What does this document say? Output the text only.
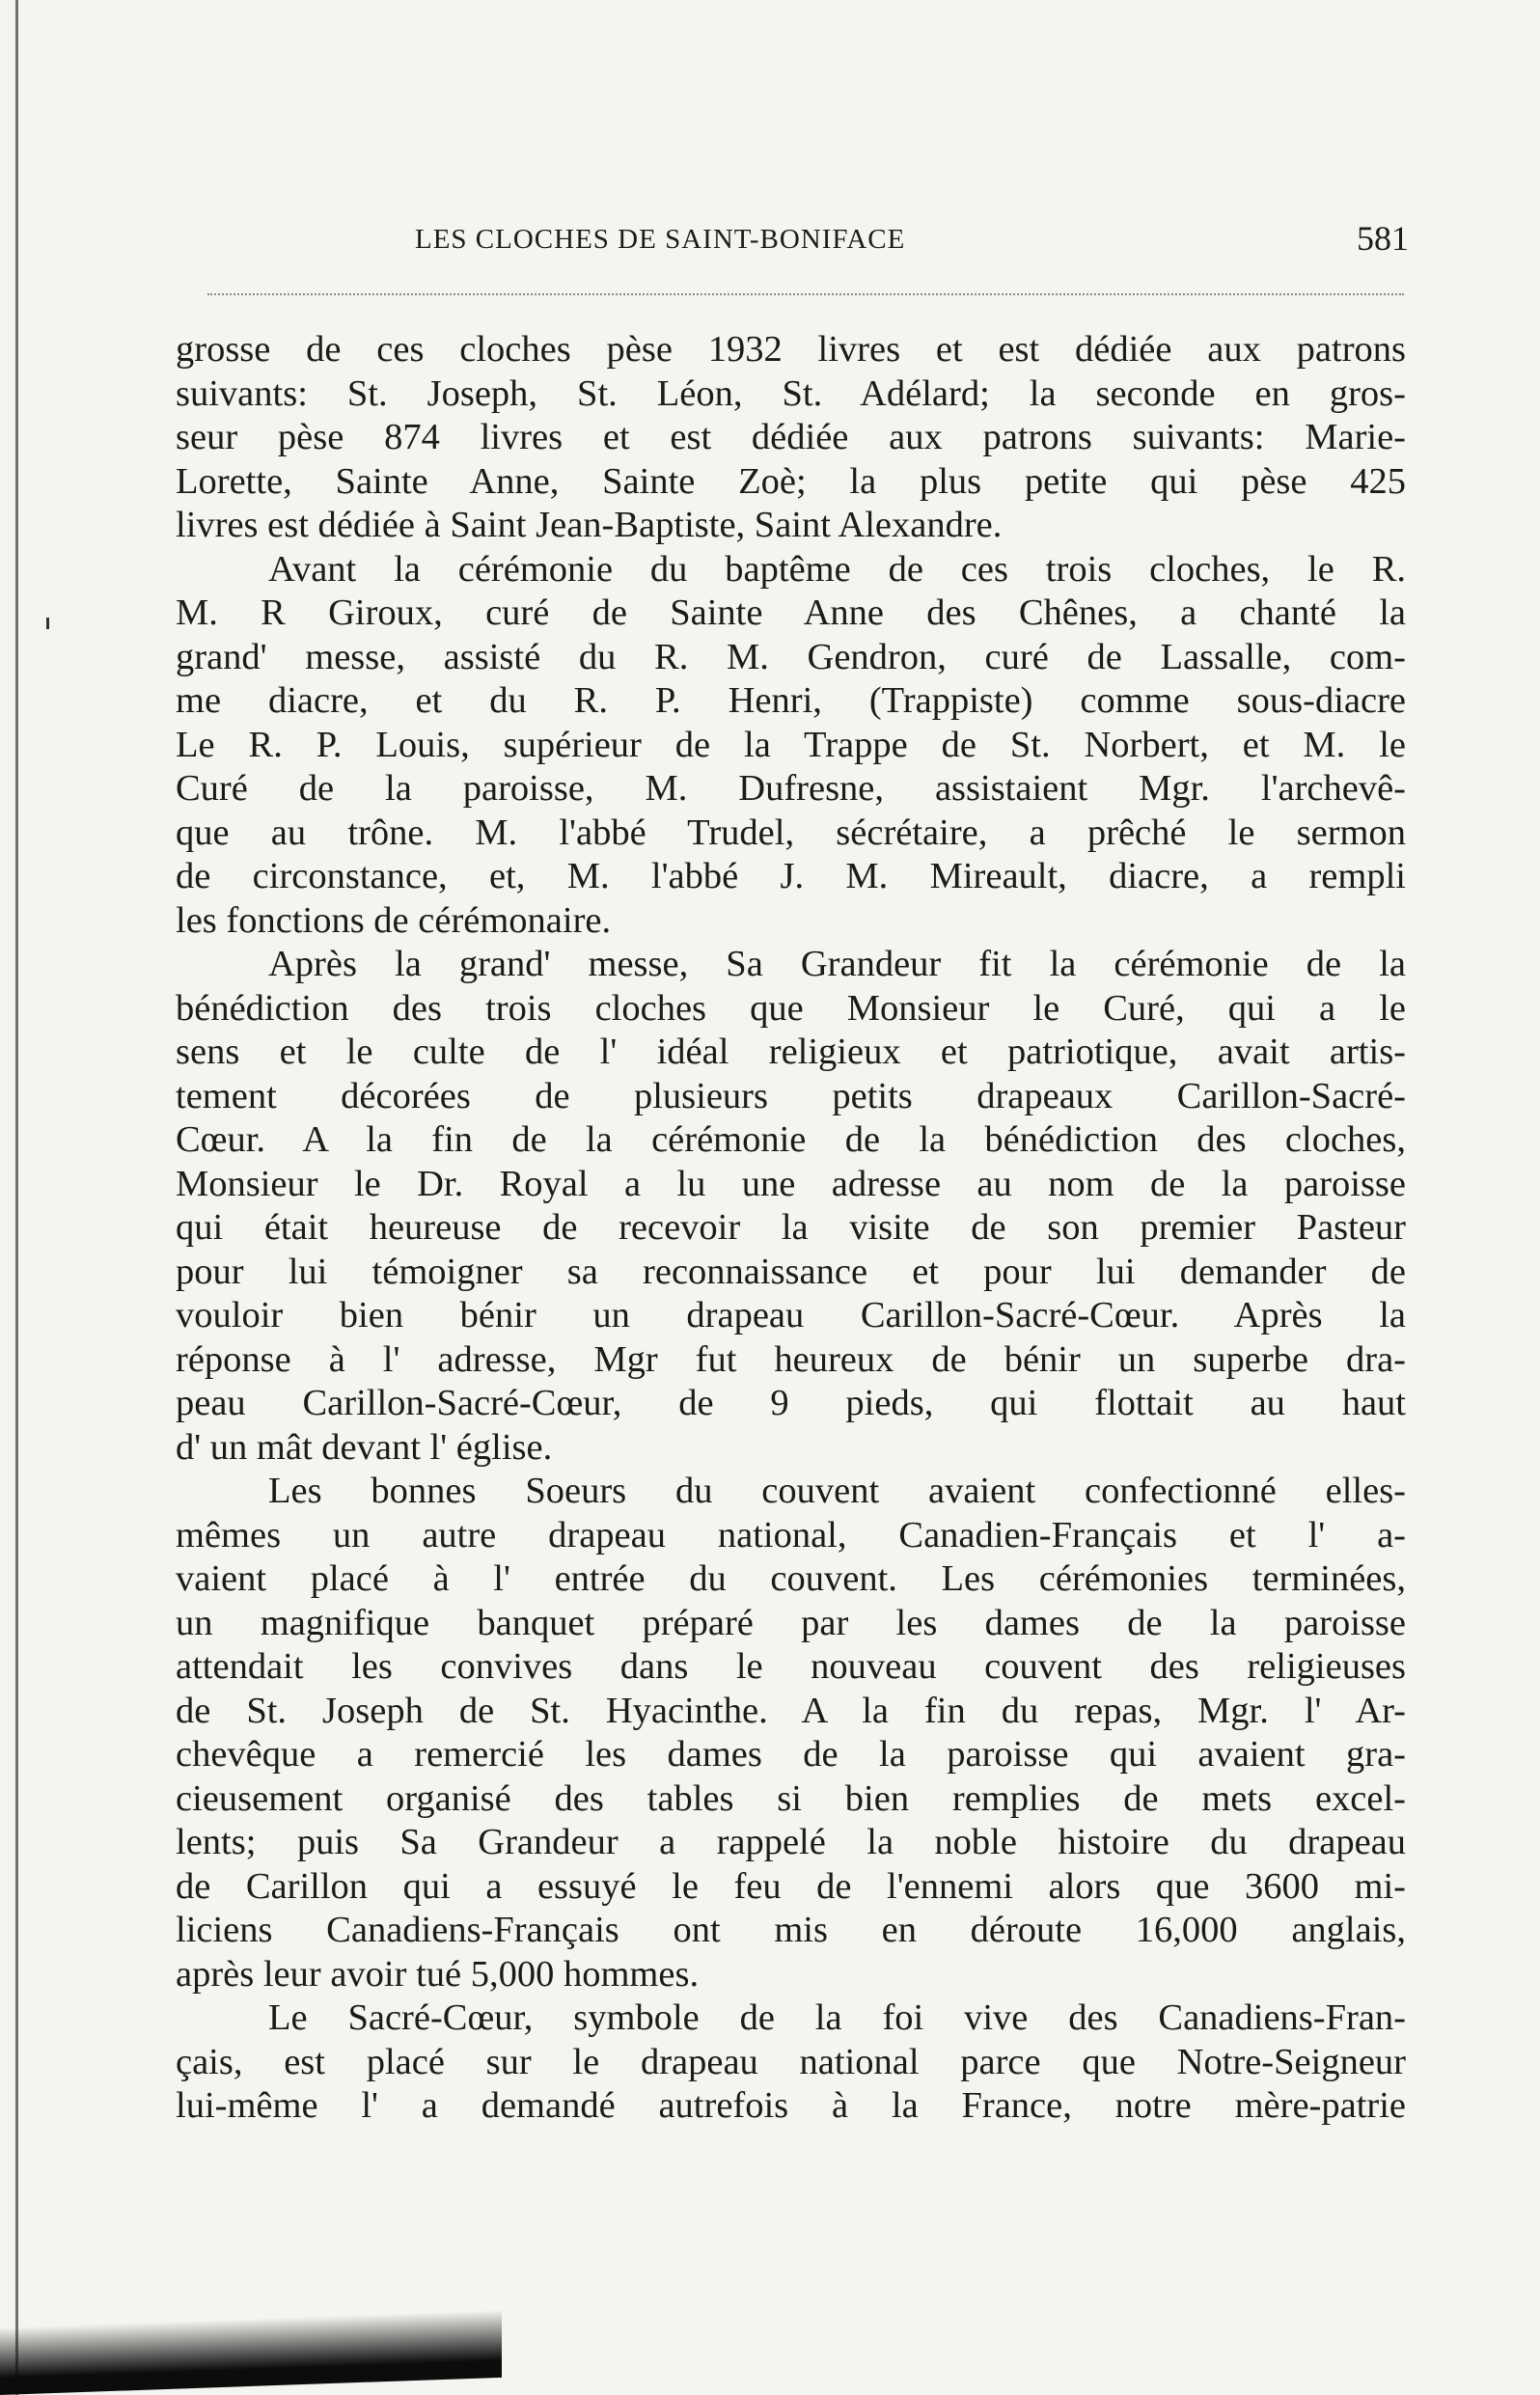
LES CLOCHES DE SAINT-BONIFACE	581

grosse de ces cloches pèse 1932 livres et est dédiée aux patrons
suivants: St. Joseph, St. Léon, St. Adélard; la seconde en gros-
seur pèse 874 livres et est dédiée aux patrons suivants: Marie-
Lorette, Sainte Anne, Sainte Zoè; la plus petite qui pèse 425
livres est dédiée à Saint Jean-Baptiste, Saint Alexandre.

Avant la cérémonie du baptême de ces trois cloches, le R.
M. R Giroux, curé de Sainte Anne des Chênes, a chanté la
grand' messe, assisté du R. M. Gendron, curé de Lassalle, com-
me diacre, et du R. P. Henri, (Trappiste) comme sous-diacre
Le R. P. Louis, supérieur de la Trappe de St. Norbert, et M. le
Curé de la paroisse, M. Dufresne, assistaient Mgr. l'archevê-
que au trône. M. l'abbé Trudel, sécrétaire, a prêché le sermon
de circonstance, et, M. l'abbé J. M. Mireault, diacre, a rempli
les fonctions de cérémonaire.

Après la grand' messe, Sa Grandeur fit la cérémonie de la
bénédiction des trois cloches que Monsieur le Curé, qui a le
sens et le culte de l' idéal religieux et patriotique, avait artis-
tement décorées de plusieurs petits drapeaux Carillon-Sacré-
Cœur. A la fin de la cérémonie de la bénédiction des cloches,
Monsieur le Dr. Royal a lu une adresse au nom de la paroisse
qui était heureuse de recevoir la visite de son premier Pasteur
pour lui témoigner sa reconnaissance et pour lui demander de
vouloir bien bénir un drapeau Carillon-Sacré-Cœur. Après la
réponse à l' adresse, Mgr fut heureux de bénir un superbe dra-
peau Carillon-Sacré-Cœur, de 9 pieds, qui flottait au haut
d' un mât devant l' église.

Les bonnes Soeurs du couvent avaient confectionné elles-
mêmes un autre drapeau national, Canadien-Français et l' a-
vaient placé à l' entrée du couvent. Les cérémonies terminées,
un magnifique banquet préparé par les dames de la paroisse
attendait les convives dans le nouveau couvent des religieuses
de St. Joseph de St. Hyacinthe. A la fin du repas, Mgr. l' Ar-
chevêque a remercié les dames de la paroisse qui avaient gra-
cieusement organisé des tables si bien remplies de mets excel-
lents; puis Sa Grandeur a rappelé la noble histoire du drapeau
de Carillon qui a essuyé le feu de l'ennemi alors que 3600 mi-
liciens Canadiens-Français ont mis en déroute 16,000 anglais,
après leur avoir tué 5,000 hommes.

Le Sacré-Cœur, symbole de la foi vive des Canadiens-Fran-
çais, est placé sur le drapeau national parce que Notre-Seigneur
lui-même l' a demandé autrefois à la France, notre mère-patrie
